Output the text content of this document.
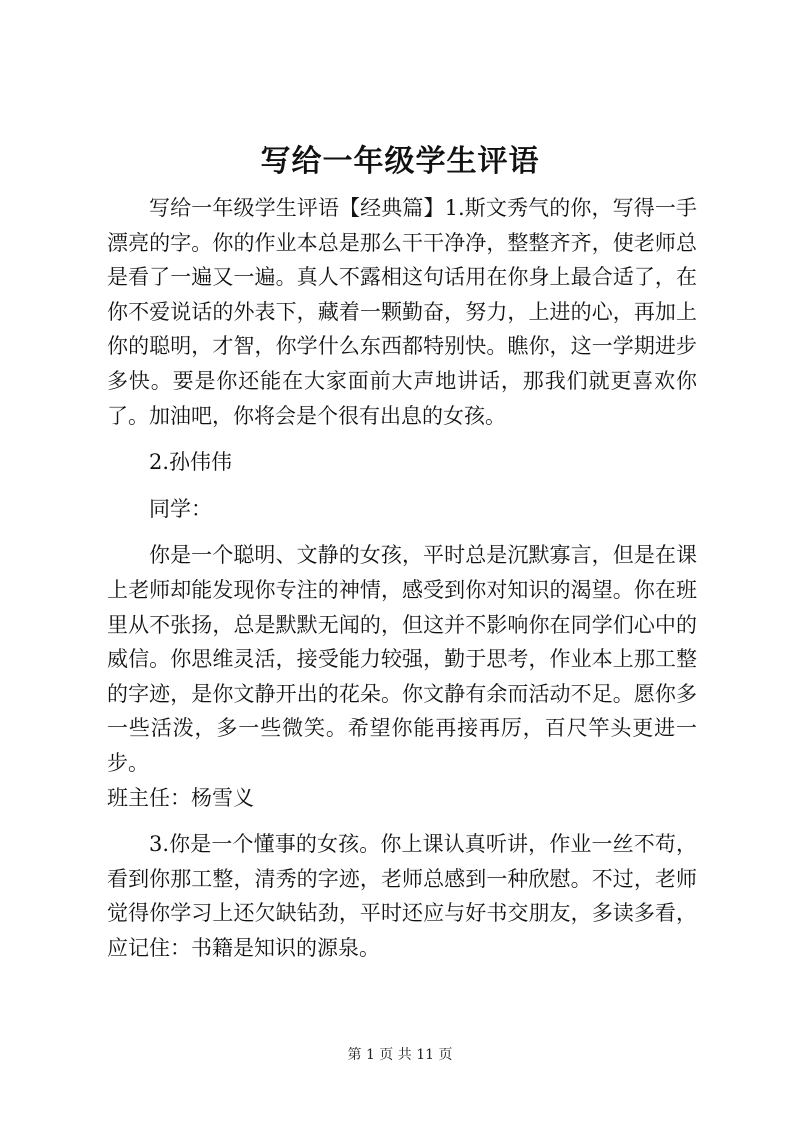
写给一年级学生评语

写给一年级学生评语【经典篇】1.斯文秀气的你，写得一手漂亮的字。你的作业本总是那么干干净净，整整齐齐，使老师总是看了一遍又一遍。真人不露相这句话用在你身上最合适了，在你不爱说话的外表下，藏着一颗勤奋，努力，上进的心，再加上你的聪明，才智，你学什么东西都特别快。瞧你，这一学期进步多快。要是你还能在大家面前大声地讲话，那我们就更喜欢你了。加油吧，你将会是个很有出息的女孩。

2.孙伟伟

同学：

你是一个聪明、文静的女孩，平时总是沉默寡言，但是在课上老师却能发现你专注的神情，感受到你对知识的渴望。你在班里从不张扬，总是默默无闻的，但这并不影响你在同学们心中的威信。你思维灵活，接受能力较强，勤于思考，作业本上那工整的字迹，是你文静开出的花朵。你文静有余而活动不足。愿你多一些活泼，多一些微笑。希望你能再接再厉，百尺竿头更进一步。

班主任：杨雪义

3.你是一个懂事的女孩。你上课认真听讲，作业一丝不苟，看到你那工整，清秀的字迹，老师总感到一种欣慰。不过，老师觉得你学习上还欠缺钻劲，平时还应与好书交朋友，多读多看，应记住：书籍是知识的源泉。

第 1 页 共 11 页
